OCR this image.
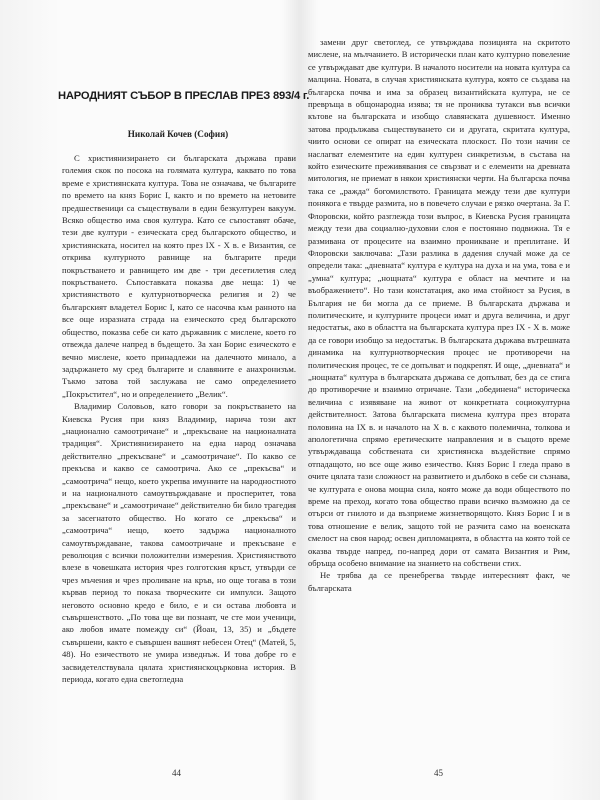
НАРОДНИЯТ СЪБОР В ПРЕСЛАВ ПРЕЗ 893/4 г.
Николай Кочев (София)

С християнизирането си българската държава прави голeмия скок по посока на голямата култура, каквато по това време е християнската култура. Това не означава, че българите по времето на княз Борис I, както и по времето на нетовите предшественици са съществували в един безкултурен вакуум. Всяко общество има своя култура. Като се съпоставят обаче, тези две култури - езическата сред българското общество, и християнската, носител на която през IХ - Х в. е Византия, се открива културното равнище на българите преди покръстването и равнището им две - три десетилетия след покръстването. Съпоставката показва две неща: 1) че християнството е културнотворческа религия и 2) че българският владетел Борис I, като се насочва към ранното на все още изразната страда на езическото сред българското общество, показва себе си като държавник с мислене, което го отвежда далече напред в бъдещето. За хан Борис езическото е вечно мислене, което принадлежи на далечното минало, а задържането му сред българите и славяните е анахронизъм. Тъкмо затова той заслужава не само определението „Покръстител“, но и определението „Велик“.

Владимир Соловьов, като говори за покръстването на Киевска Русия при княз Владимир, нарича този акт „национално самоотричане“ и „прекъсване на националната традиция“. Християнизирането на една народ означава действително „прекъсване“ и „самоотричане“. По какво се прекъсва и какво се самоотрича. Ако се „прекъсва“ и „самоотрича“ нещо, което укрепва имунните на народностното и на националното самоутвърждаване и просперитет, това „прекъсване“ и „самоотричане“ действително би било трагедия за засегнатото общество. Но когато се „прекъсва“ и „самоотрича“ нещо, което задържа националното самоутвърждаване, такова самоотричане и прекъсване е революция с всички положителни измерения. Християнството влезе в човешката история чрез голготския кръст, утвърди се чрез мъчения и чрез проливане на кръв, но още тогава в този кървав период то показа творческите си импулси. Защото неговото основно кредо е било, е и си остава любовта и съвършенството. „По това ще ви познаят, че сте мои ученици, ако любов имате помежду си“ (Йоан, 13, 35) и „бъдете съвършени, както е съвършен вашият небесен Отец“ (Матей, 5, 48). Но езичеството не умира изведнъж. И това добре го е засвидетелствувала цялата християнскоцърковна история. В периода, когато една светогледна

44

замени друг светоглед, се утвърждава позицията на скритото мислене, на мълчанието. В исторически план като културно повеление се утвърждават две култури. В началото носители на новата култура са малцина. Новата, в случая християнската култура, която се създава на българска почва и има за образец византийската култура, не се превръща в общонародна изява; тя не прониква тутакси във всички кътове на българската и изобщо славянската душевност. Именно затова продължава съществуването си и другата, скритата култура, чиито основи се опират на езическата плоскост. По този начин се наслагват елементите на един културен синкретизъм, в състава на който езическите преживявания се свързват и с елементи на древната митология, не приемат в някои християнски черти. На българска почва така се „ражда“ богомилството. Границата между тези две култури понякога е твърде размита, но в повечето случаи е рязко очертана. За Г. Флоровски, който разглежда този въпрос, в Киевска Русия границата между тези два социално-духовни слоя е постоянно подвижна. Тя е размивана от процесите на взаимно проникване и преплитане. И Флоровски заключава: „Тази разлика в дадения случай може да се определи така: „дневната“ култура е култура на духа и на ума, това е и „умна“ култура; „нощната“ култура е област на мечтите и на въображението“. Но тази констатация, ако има стойност за Русия, в България не би могла да се приеме. В българската държава и политическите, и културните процеси имат и друга величина, и друг недостатък, ако в областта на българската култура през IХ - Х в. може да се говори изобщо за недостатък. В българската държава вътрешната динамика на културнотворческия процес не противоречи на политическия процес, те се допълват и подкрепят. И още, „дневната“ и „нощната“ култура в българската държава се допълват, без да се стига до противоречие и взаимно отричане. Тази „обединена“ историческа величина с изявяване на живот от конкретната социокултурна действителност. Затова българската писмена култура през втората половина на IХ в. и началото на Х в. с каквото полемична, толкова и апологетична спрямо еретическите направления и в същото време утвърждаваща собствената си християнска въздействие спрямо отпадащото, но все още живо езичество. Княз Борис I гледа право в очите цялата тази сложност на развитието и дълбоко в себе си съзнава, че културата е онова мощна сила, която може да води обществото по време на преход, когато това общество прави всичко възможно да се отърси от гнилото и да възприеме жизнетворящото. Княз Борис I и в това отношение е велик, защото той не разчита само на военската смелост на своя народ; освен дипломацията, в областта на която той се оказва твърде напред, по-напред дори от самата Византия и Рим, обръща особено внимание на знанието на собствени стих.

Не трябва да се пренебрегва твърде интересният факт, че българската

45
